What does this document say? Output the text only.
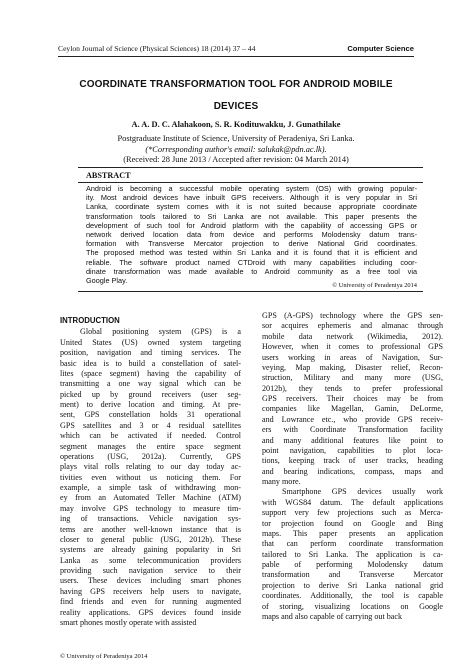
Ceylon Journal of Science (Physical Sciences) 18 (2014) 37 – 44	Computer Science
COORDINATE TRANSFORMATION TOOL FOR ANDROID MOBILE
DEVICES
A. A. D. C. Alahakoon, S. R. Kodituwakku, J. Gunathilake
Postgraduate Institute of Science, University of Peradeniya, Sri Lanka.
(*Corresponding author's email: salukak@pdn.ac.lk).
(Received: 28 June 2013 / Accepted after revision: 04 March 2014)
ABSTRACT
Android is becoming a successful mobile operating system (OS) with growing popular-
ity. Most android devices have inbuilt GPS receivers. Although it is very popular in Sri
Lanka, coordinate system comes with it is not suited because appropriate coordinate
transformation tools tailored to Sri Lanka are not available. This paper presents the
development of such tool for Android platform with the capability of accessing GPS or
network derived location data from device and performs Molodensky datum trans-
formation with Transverse Mercator projection to derive National Grid coordinates.
The proposed method was tested within Sri Lanka and it is found that it is efficient and
reliable. The software product named CTDroid with many capabilities including coor-
dinate transformation was made available to Android community as a free tool via
Google Play.
© University of Peradeniya 2014
INTRODUCTION
Global positioning system (GPS) is a
United States (US) owned system targeting
position, navigation and timing services. The
basic idea is to build a constellation of satel-
lites (space segment) having the capability of
transmitting a one way signal which can be
picked up by ground receivers (user seg-
ment) to derive location and timing. At pre-
sent, GPS constellation holds 31 operational
GPS satellites and 3 or 4 residual satellites
which can be activated if needed. Control
segment manages the entire space segment
operations (USG, 2012a). Currently, GPS
plays vital rolls relating to our day today ac-
tivities even without us noticing them. For
example, a simple task of withdrawing mon-
ey from an Automated Teller Machine (ATM)
may involve GPS technology to measure tim-
ing of transactions. Vehicle navigation sys-
tems are another well-known instance that is
closer to general public (USG, 2012b). These
systems are already gaining popularity in Sri
Lanka as some telecommunication providers
providing such navigation service to their
users. These devices including smart phones
having GPS receivers help users to navigate,
find friends and even for running augmented
reality applications. GPS devices found inside
smart phones mostly operate with assisted
GPS (A-GPS) technology where the GPS sen-
sor acquires ephemeris and almanac through
mobile data network (Wikimedia, 2012).
However, when it comes to professional GPS
users working in areas of Navigation, Sur-
veying, Map making, Disaster relief, Recon-
struction, Military and many more (USG,
2012b), they tends to prefer professional
GPS receivers. Their choices may be from
companies like Magellan, Gamin, DeLorme,
and Lowrance etc., who provide GPS receiv-
ers with Coordinate Transformation facility
and many additional features like point to
point navigation, capabilities to plot loca-
tions, keeping track of user tracks, heading
and bearing indications, compass, maps and
many more.
Smartphone GPS devices usually work
with WGS84 datum. The default applications
support very few projections such as Merca-
tor projection found on Google and Bing
maps. This paper presents an application
that can perform coordinate transformation
tailored to Sri Lanka. The application is ca-
pable of performing Molodensky datum
transformation and Transverse Mercator
projection to derive Sri Lanka national grid
coordinates. Additionally, the tool is capable
of storing, visualizing locations on Google
maps and also capable of carrying out back
© University of Peradeniya 2014
